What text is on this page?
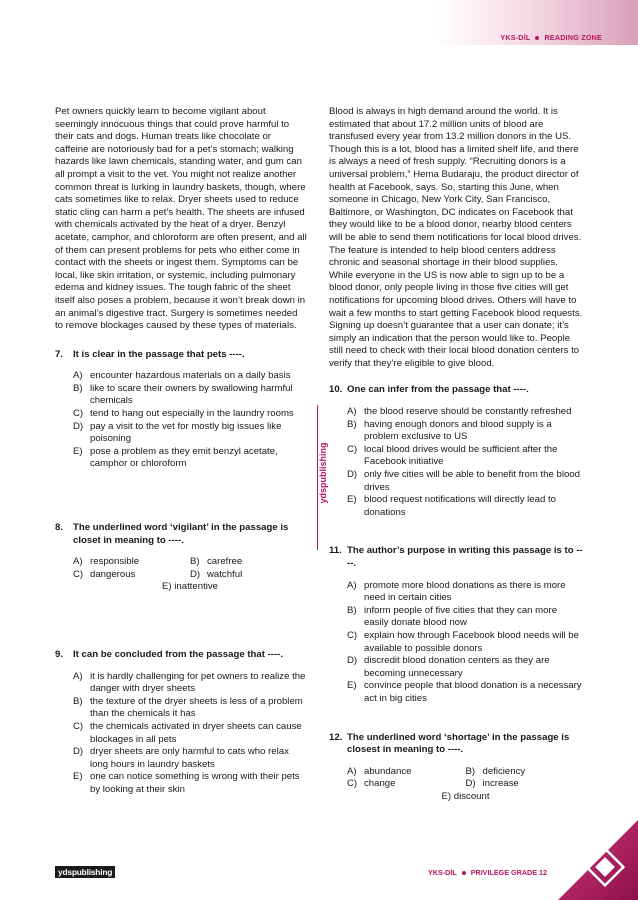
YKS-DİL READING ZONE

Pet owners quickly learn to become vigilant about seemingly innocuous things that could prove harmful to their cats and dogs. Human treats like chocolate or caffeine are notoriously bad for a pet’s stomach; walking hazards like lawn chemicals, standing water, and gum can all prompt a visit to the vet. You might not realize another common threat is lurking in laundry baskets, though, where cats sometimes like to relax. Dryer sheets used to reduce static cling can harm a pet’s health. The sheets are infused with chemicals activated by the heat of a dryer. Benzyl acetate, camphor, and chloroform are often present, and all of them can present problems for pets who either come in contact with the sheets or ingest them. Symptoms can be local, like skin irritation, or systemic, including pulmonary edema and kidney issues. The tough fabric of the sheet itself also poses a problem, because it won’t break down in an animal’s digestive tract. Surgery is sometimes needed to remove blockages caused by these types of materials.

7.	It is clear in the passage that pets ----.
A) encounter hazardous materials on a daily basis
B) like to scare their owners by swallowing harmful chemicals
C) tend to hang out especially in the laundry rooms
D) pay a visit to the vet for mostly big issues like poisoning
E) pose a problem as they emit benzyl acetate, camphor or chloroform
8.	The underlined word ‘vigilant’ in the passage is closet in meaning to ----.
A) responsible	B) carefree
C) dangerous	D) watchful
E) inattentive
9.	It can be concluded from the passage that ----.
A) it is hardly challenging for pet owners to realize the danger with dryer sheets
B) the texture of the dryer sheets is less of a problem than the chemicals it has
C) the chemicals activated in dryer sheets can cause blockages in all pets
D) dryer sheets are only harmful to cats who relax long hours in laundry baskets
E) one can notice something is wrong with their pets by looking at their skin
ydspublishing

Blood is always in high demand around the world. It is estimated that about 17.2 million units of blood are transfused every year from 13.2 million donors in the US. Though this is a lot, blood has a limited shelf life, and there is always a need of fresh supply. “Recruiting donors is a universal problem,” Hema Budaraju, the product director of health at Facebook, says. So, starting this June, when someone in Chicago, New York City, San Francisco, Baltimore, or Washington, DC indicates on Facebook that they would like to be a blood donor, nearby blood centers will be able to send them notifications for local blood drives. The feature is intended to help blood centers address chronic and seasonal shortage in their blood supplies. While everyone in the US is now able to sign up to be a blood donor, only people living in those five cities will get notifications for upcoming blood drives. Others will have to wait a few months to start getting Facebook blood requests. Signing up doesn’t guarantee that a user can donate; it’s simply an indication that the person would like to. People still need to check with their local blood donation centers to verify that they’re eligible to give blood.

10. One can infer from the passage that ----.
A) the blood reserve should be constantly refreshed
B) having enough donors and blood supply is a problem exclusive to US
C) local blood drives would be sufficient after the Facebook initiative
D) only five cities will be able to benefit from the blood drives
E) blood request notifications will directly lead to donations
11. The author’s purpose in writing this passage is to ----.
A) promote more blood donations as there is more need in certain cities
B) inform people of five cities that they can more easily donate blood now
C) explain how through Facebook blood needs will be available to possible donors
D) discredit blood donation centers as they are becoming unnecessary
E) convince people that blood donation is a necessary act in big cities
12. The underlined word ‘shortage’ in the passage is closest in meaning to ----.
A) abundance	B) deficiency
C) change	D) increase
E) discount
ydspublishing	YKS-DİL PRIVILEGE GRADE 12
